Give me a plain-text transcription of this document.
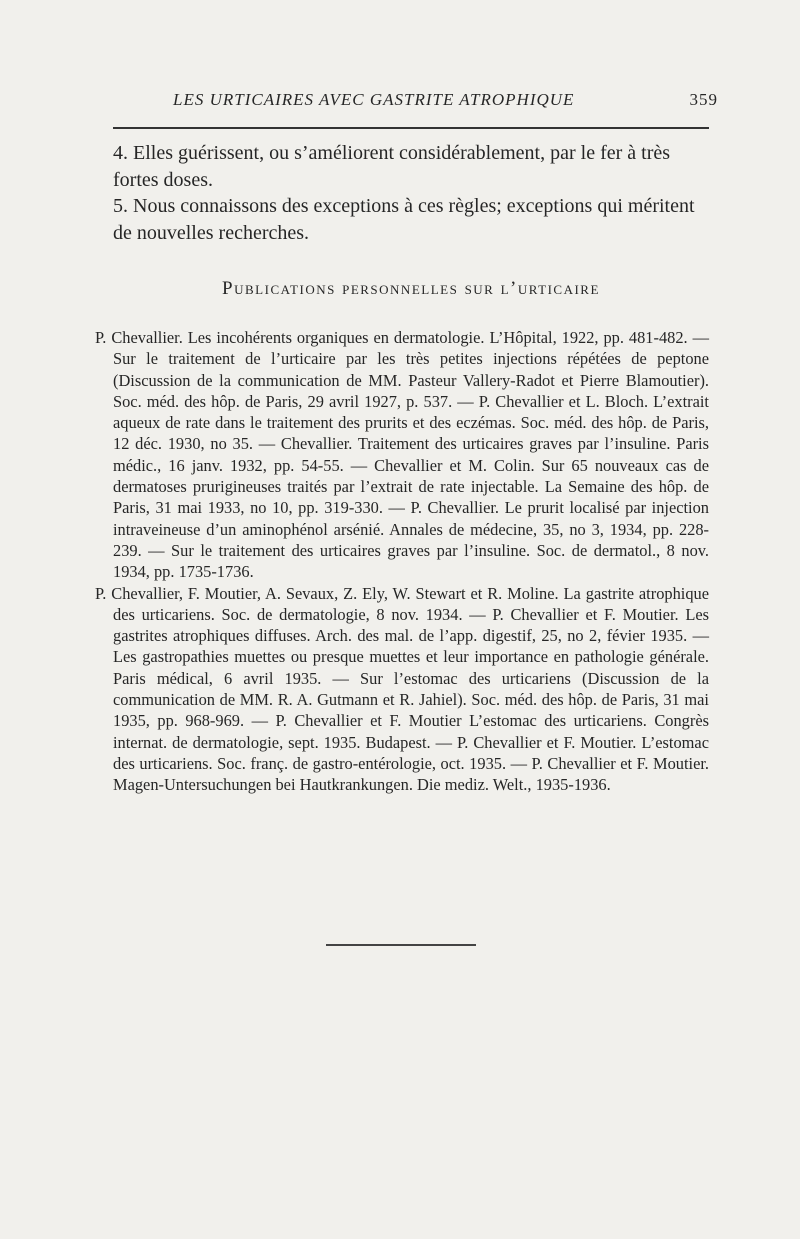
LES URTICAIRES AVEC GASTRITE ATROPHIQUE	359

4. Elles guérissent, ou s’améliorent considérablement, par le fer à très fortes doses.

5. Nous connaissons des exceptions à ces règles; exceptions qui méritent de nouvelles recherches.

Publications personnelles sur l’urticaire

P. Chevallier. Les incohérents organiques en dermatologie. L’Hôpital, 1922, pp. 481-482. — Sur le traitement de l’urticaire par les très petites injections répétées de peptone (Discussion de la communication de MM. Pasteur Vallery-Radot et Pierre Blamoutier). Soc. méd. des hôp. de Paris, 29 avril 1927, p. 537. — P. Chevallier et L. Bloch. L’extrait aqueux de rate dans le traitement des prurits et des eczémas. Soc. méd. des hôp. de Paris, 12 déc. 1930, no 35. — Chevallier. Traitement des urticaires graves par l’insuline. Paris médic., 16 janv. 1932, pp. 54-55. — Chevallier et M. Colin. Sur 65 nouveaux cas de dermatoses prurigineuses traités par l’extrait de rate injectable. La Semaine des hôp. de Paris, 31 mai 1933, no 10, pp. 319-330. — P. Chevallier. Le prurit localisé par injection intraveineuse d’un aminophénol arsénié. Annales de médecine, 35, no 3, 1934, pp. 228-239. — Sur le traitement des urticaires graves par l’insuline. Soc. de dermatol., 8 nov. 1934, pp. 1735-1736.

P. Chevallier, F. Moutier, A. Sevaux, Z. Ely, W. Stewart et R. Moline. La gastrite atrophique des urticariens. Soc. de dermatologie, 8 nov. 1934. — P. Chevallier et F. Moutier. Les gastrites atrophiques diffuses. Arch. des mal. de l’app. digestif, 25, no 2, févier 1935. — Les gastropathies muettes ou presque muettes et leur importance en pathologie générale. Paris médical, 6 avril 1935. — Sur l’estomac des urticariens (Discussion de la communication de MM. R. A. Gutmann et R. Jahiel). Soc. méd. des hôp. de Paris, 31 mai 1935, pp. 968-969. — P. Chevallier et F. Moutier L’estomac des urticariens. Congrès internat. de dermatologie, sept. 1935. Budapest. — P. Chevallier et F. Moutier. L’estomac des urticariens. Soc. franç. de gastro-entérologie, oct. 1935. — P. Chevallier et F. Moutier. Magen-Untersuchungen bei Hautkrankungen. Die mediz. Welt., 1935-1936.
